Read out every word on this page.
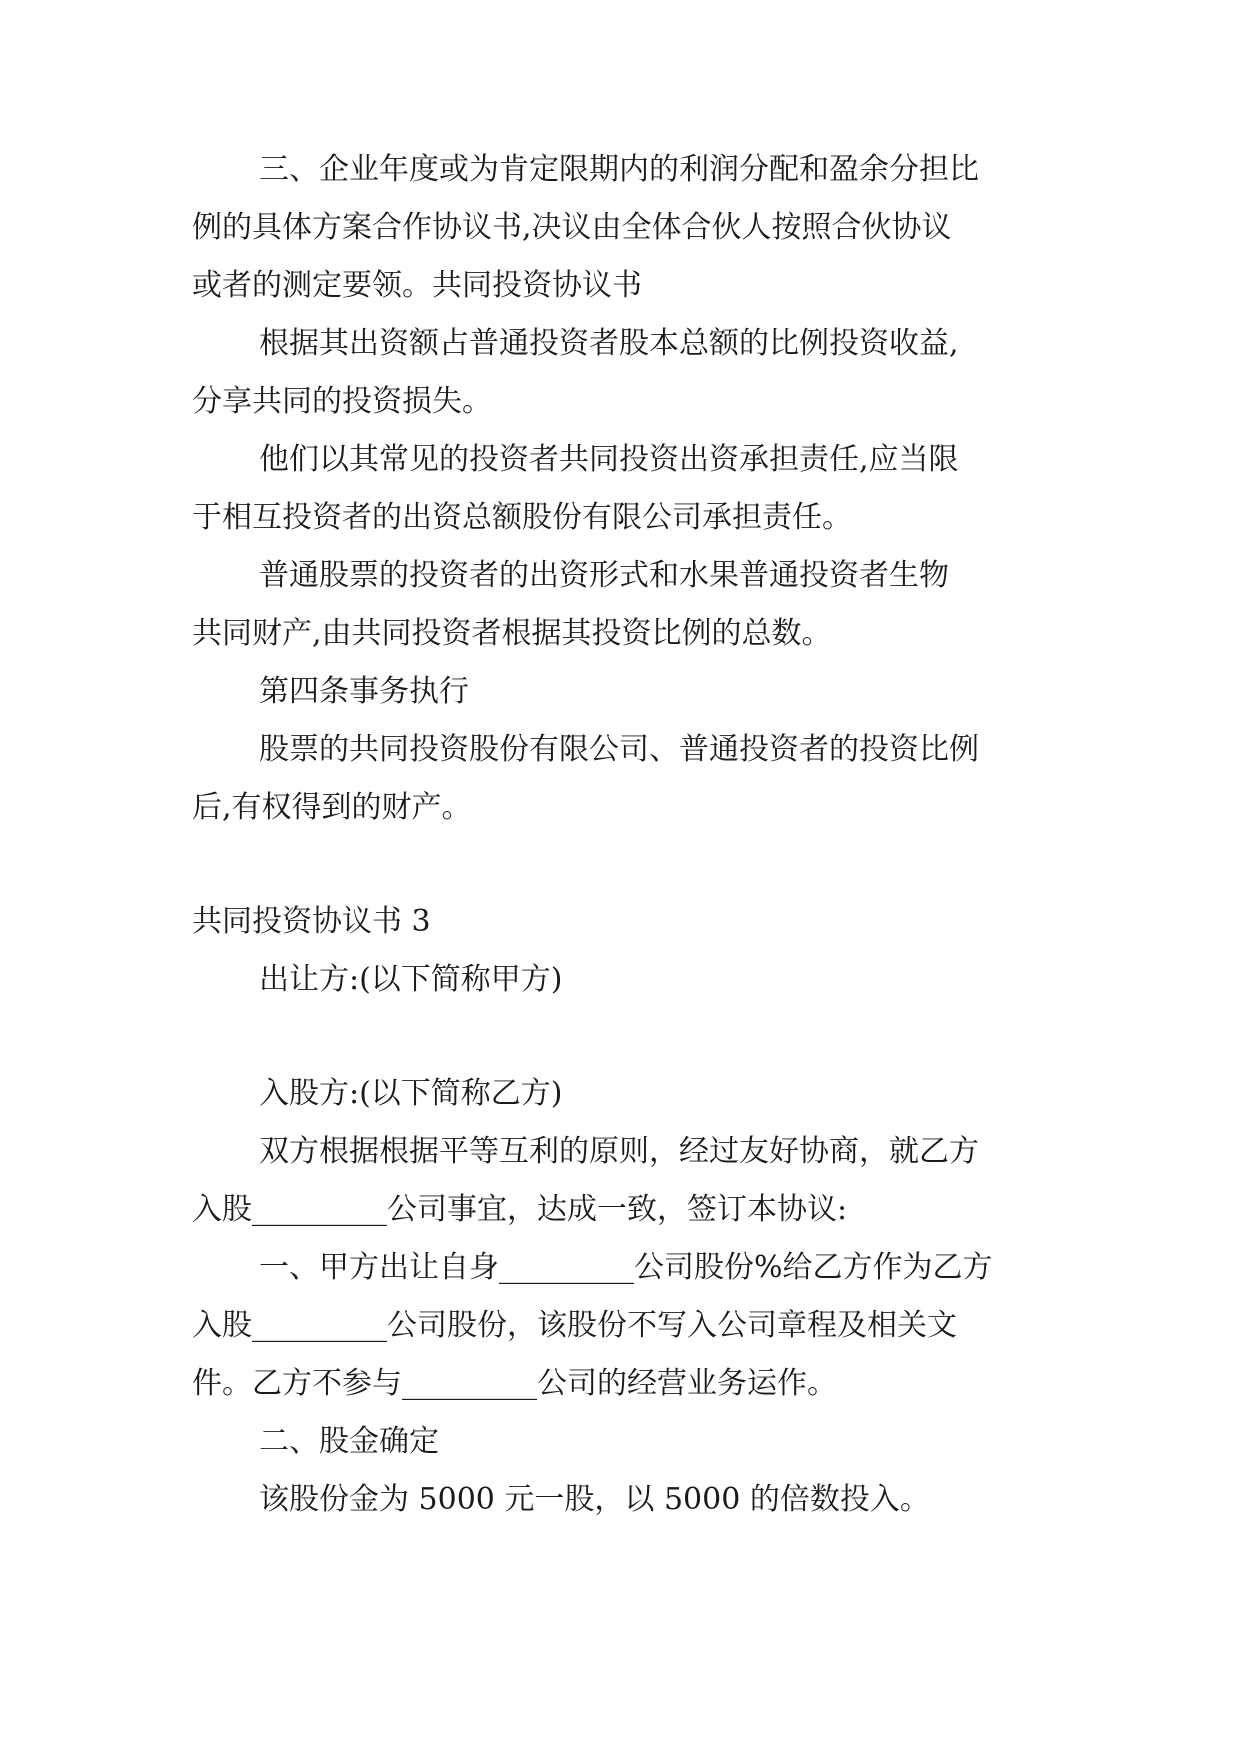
三、企业年度或为肯定限期内的利润分配和盈余分担比
例的具体方案合作协议书,决议由全体合伙人按照合伙协议
或者的测定要领。共同投资协议书
根据其出资额占普通投资者股本总额的比例投资收益,
分享共同的投资损失。
他们以其常见的投资者共同投资出资承担责任,应当限
于相互投资者的出资总额股份有限公司承担责任。
普通股票的投资者的出资形式和水果普通投资者生物
共同财产,由共同投资者根据其投资比例的总数。
第四条事务执行
股票的共同投资股份有限公司、普通投资者的投资比例
后,有权得到的财产。
共同投资协议书 3
出让方:(以下简称甲方)
入股方:(以下简称乙方)
双方根据根据平等互利的原则，经过友好协商，就乙方
入股_________公司事宜，达成一致，签订本协议:
一、甲方出让自身_________公司股份%给乙方作为乙方
入股_________公司股份，该股份不写入公司章程及相关文
件。乙方不参与_________公司的经营业务运作。
二、股金确定
该股份金为 5000 元一股，以 5000 的倍数投入。
